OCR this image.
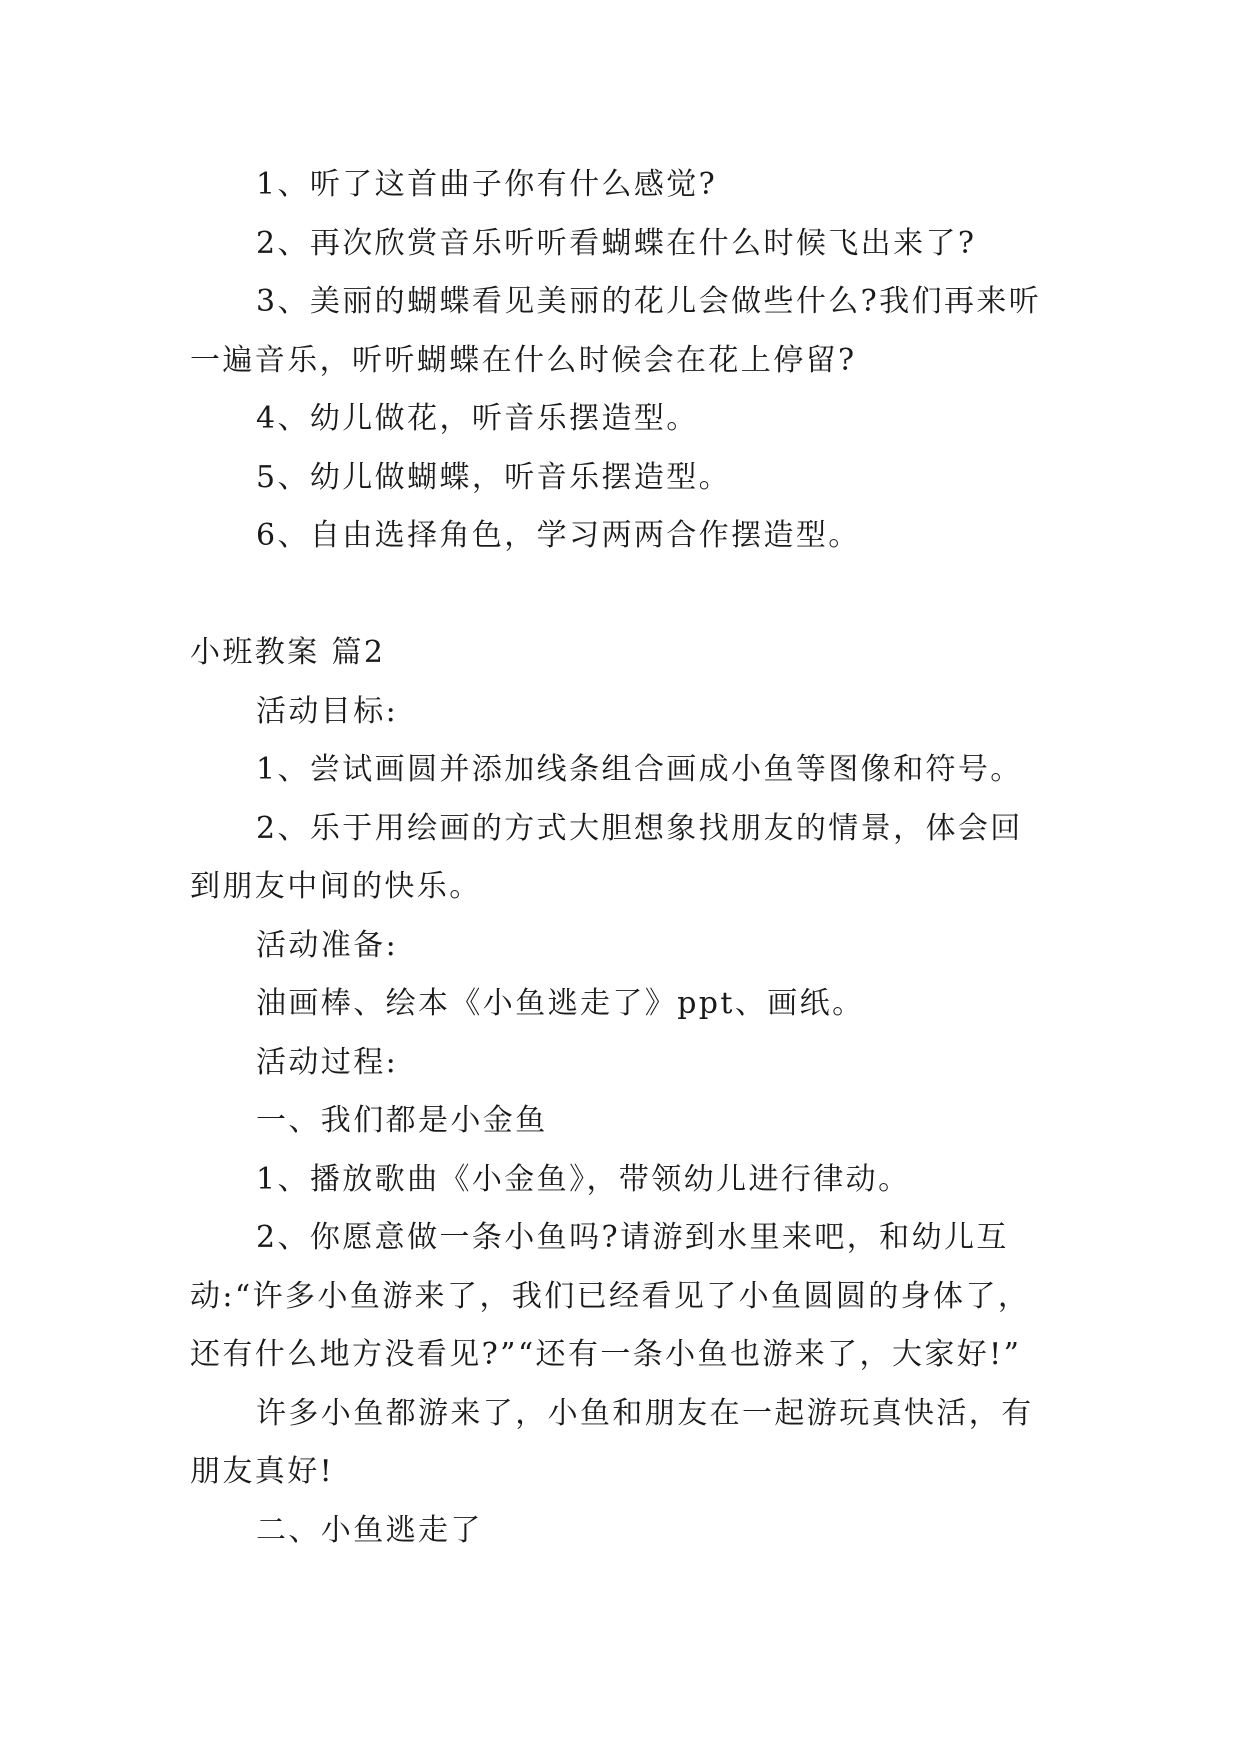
1、听了这首曲子你有什么感觉?

2、再次欣赏音乐听听看蝴蝶在什么时候飞出来了?

3、美丽的蝴蝶看见美丽的花儿会做些什么?我们再来听一遍音乐，听听蝴蝶在什么时候会在花上停留?

4、幼儿做花，听音乐摆造型。

5、幼儿做蝴蝶，听音乐摆造型。

6、自由选择角色，学习两两合作摆造型。

小班教案 篇2

活动目标:

1、尝试画圆并添加线条组合画成小鱼等图像和符号。

2、乐于用绘画的方式大胆想象找朋友的情景，体会回到朋友中间的快乐。

活动准备:

油画棒、绘本《小鱼逃走了》ppt、画纸。

活动过程:

一、我们都是小金鱼

1、播放歌曲《小金鱼》，带领幼儿进行律动。

2、你愿意做一条小鱼吗?请游到水里来吧，和幼儿互动:“许多小鱼游来了，我们已经看见了小鱼圆圆的身体了，还有什么地方没看见?”“还有一条小鱼也游来了，大家好!”

许多小鱼都游来了，小鱼和朋友在一起游玩真快活，有朋友真好!

二、小鱼逃走了
